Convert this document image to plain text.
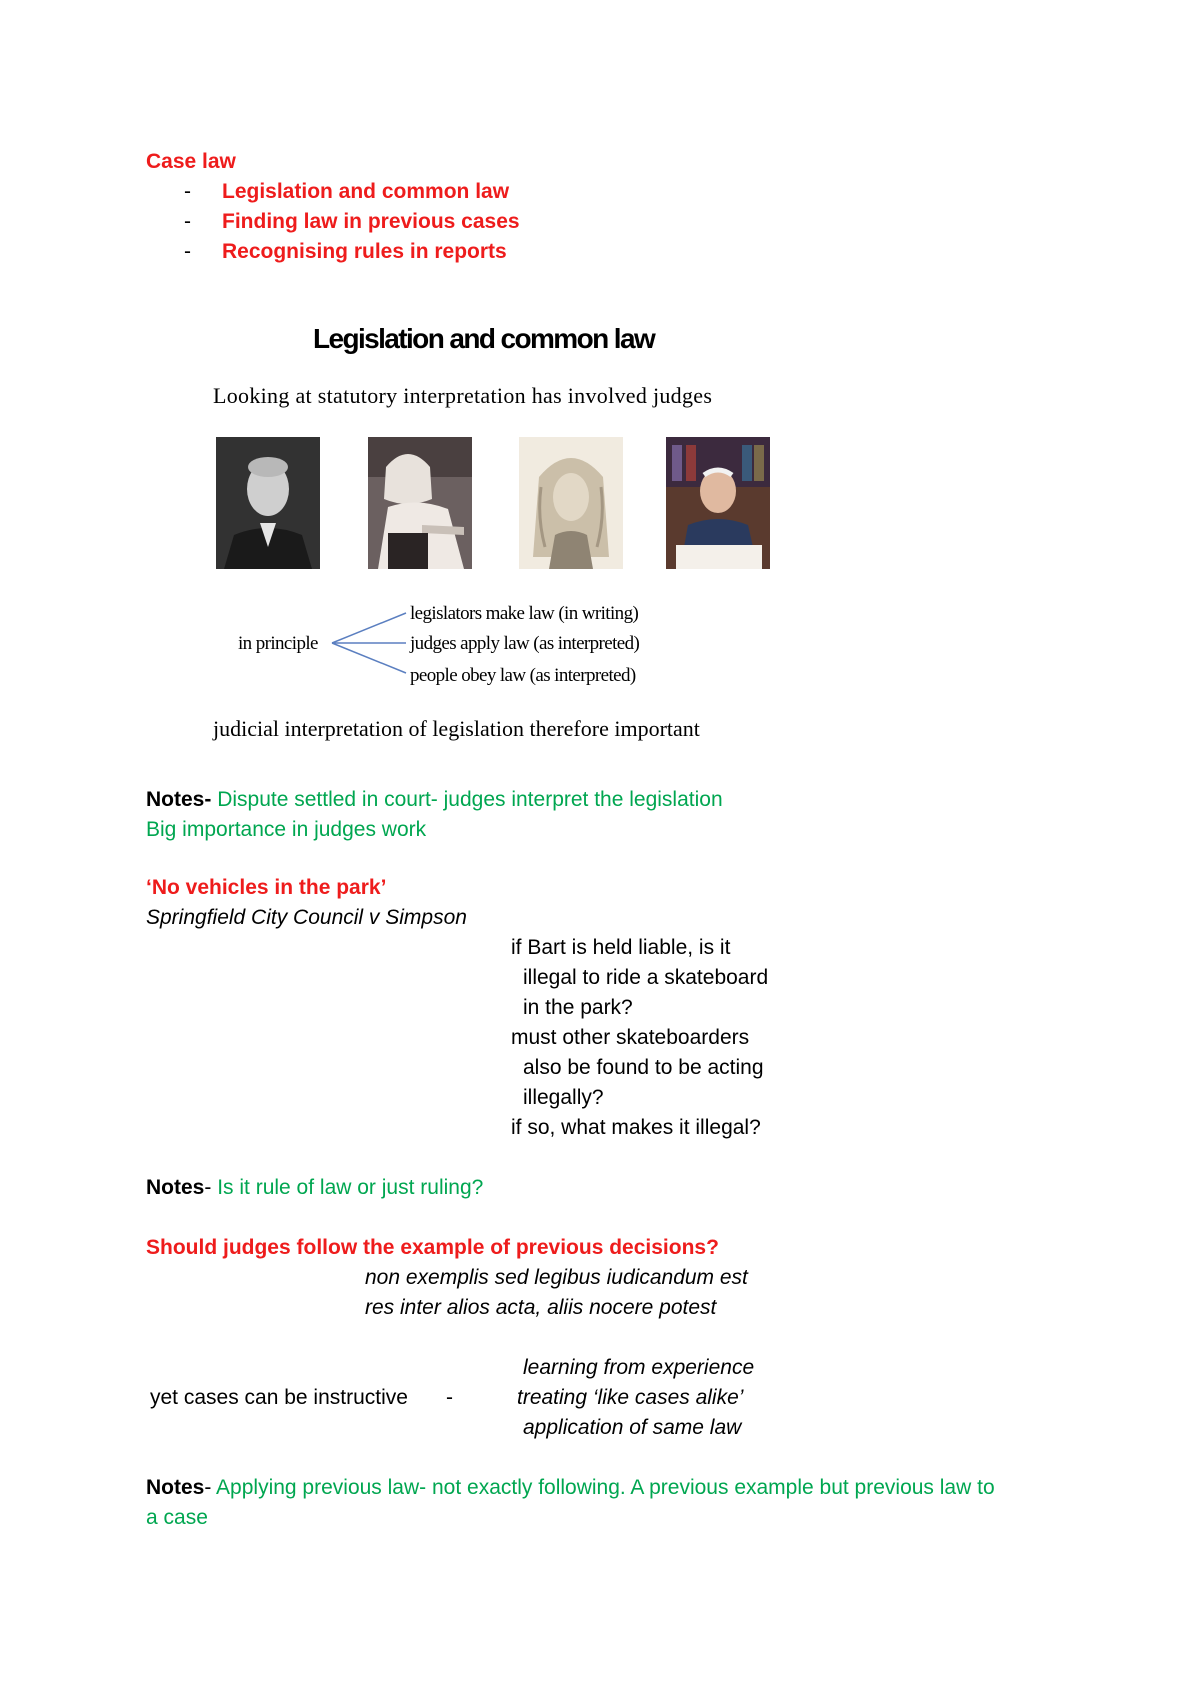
Case law
- Legislation and common law
- Finding law in previous cases
- Recognising rules in reports
Legislation and common law
Looking at statutory interpretation has involved judges
in principle
legislators make law (in writing)
judges apply law (as interpreted)
people obey law (as interpreted)
judicial interpretation of legislation therefore important
Notes- Dispute settled in court- judges interpret the legislation
Big importance in judges work
‘No vehicles in the park’
Springfield City Council v Simpson
if Bart is held liable, is it
illegal to ride a skateboard
in the park?
must other skateboarders
also be found to be acting
illegally?
if so, what makes it illegal?
Notes- Is it rule of law or just ruling?
Should judges follow the example of previous decisions?
non exemplis sed legibus iudicandum est
res inter alios acta, aliis nocere potest
learning from experience
yet cases can be instructive -	treating ‘like cases alike’
application of same law
Notes- Applying previous law- not exactly following. A previous example but previous law to
a case
